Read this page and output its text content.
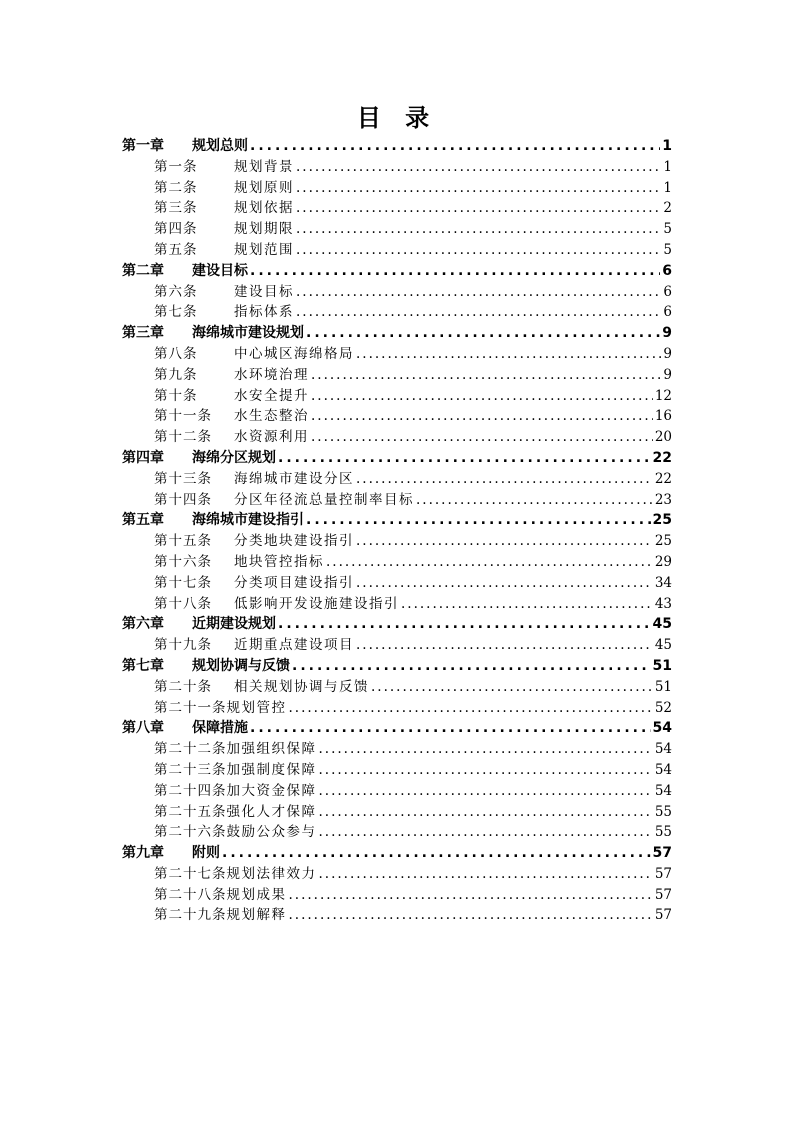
目 录
第一章	规划总则 .....	1
第一条	规划背景 .....	1
第二条	规划原则 .....	1
第三条	规划依据 .....	2
第四条	规划期限 .....	5
第五条	规划范围 .....	5
第二章	建设目标 .....	6
第六条	建设目标 .....	6
第七条	指标体系 .....	6
第三章	海绵城市建设规划 .....	9
第八条	中心城区海绵格局 .....	9
第九条	水环境治理 .....	9
第十条	水安全提升 .....	12
第十一条	水生态整治 .....	16
第十二条	水资源利用 .....	20
第四章	海绵分区规划 .....	22
第十三条	海绵城市建设分区 .....	22
第十四条	分区年径流总量控制率目标 .....	23
第五章	海绵城市建设指引 .....	25
第十五条	分类地块建设指引 .....	25
第十六条	地块管控指标 .....	29
第十七条	分类项目建设指引 .....	34
第十八条	低影响开发设施建设指引 .....	43
第六章	近期建设规划 .....	45
第十九条	近期重点建设项目 .....	45
第七章	规划协调与反馈 .....	51
第二十条	相关规划协调与反馈 .....	51
第二十一条 规划管控 .....	52
第八章	保障措施 .....	54
第二十二条 加强组织保障 .....	54
第二十三条 加强制度保障 .....	54
第二十四条 加大资金保障 .....	54
第二十五条 强化人才保障 .....	55
第二十六条 鼓励公众参与 .....	55
第九章	附则 .....	57
第二十七条 规划法律效力 .....	57
第二十八条 规划成果 .....	57
第二十九条 规划解释 .....	57
